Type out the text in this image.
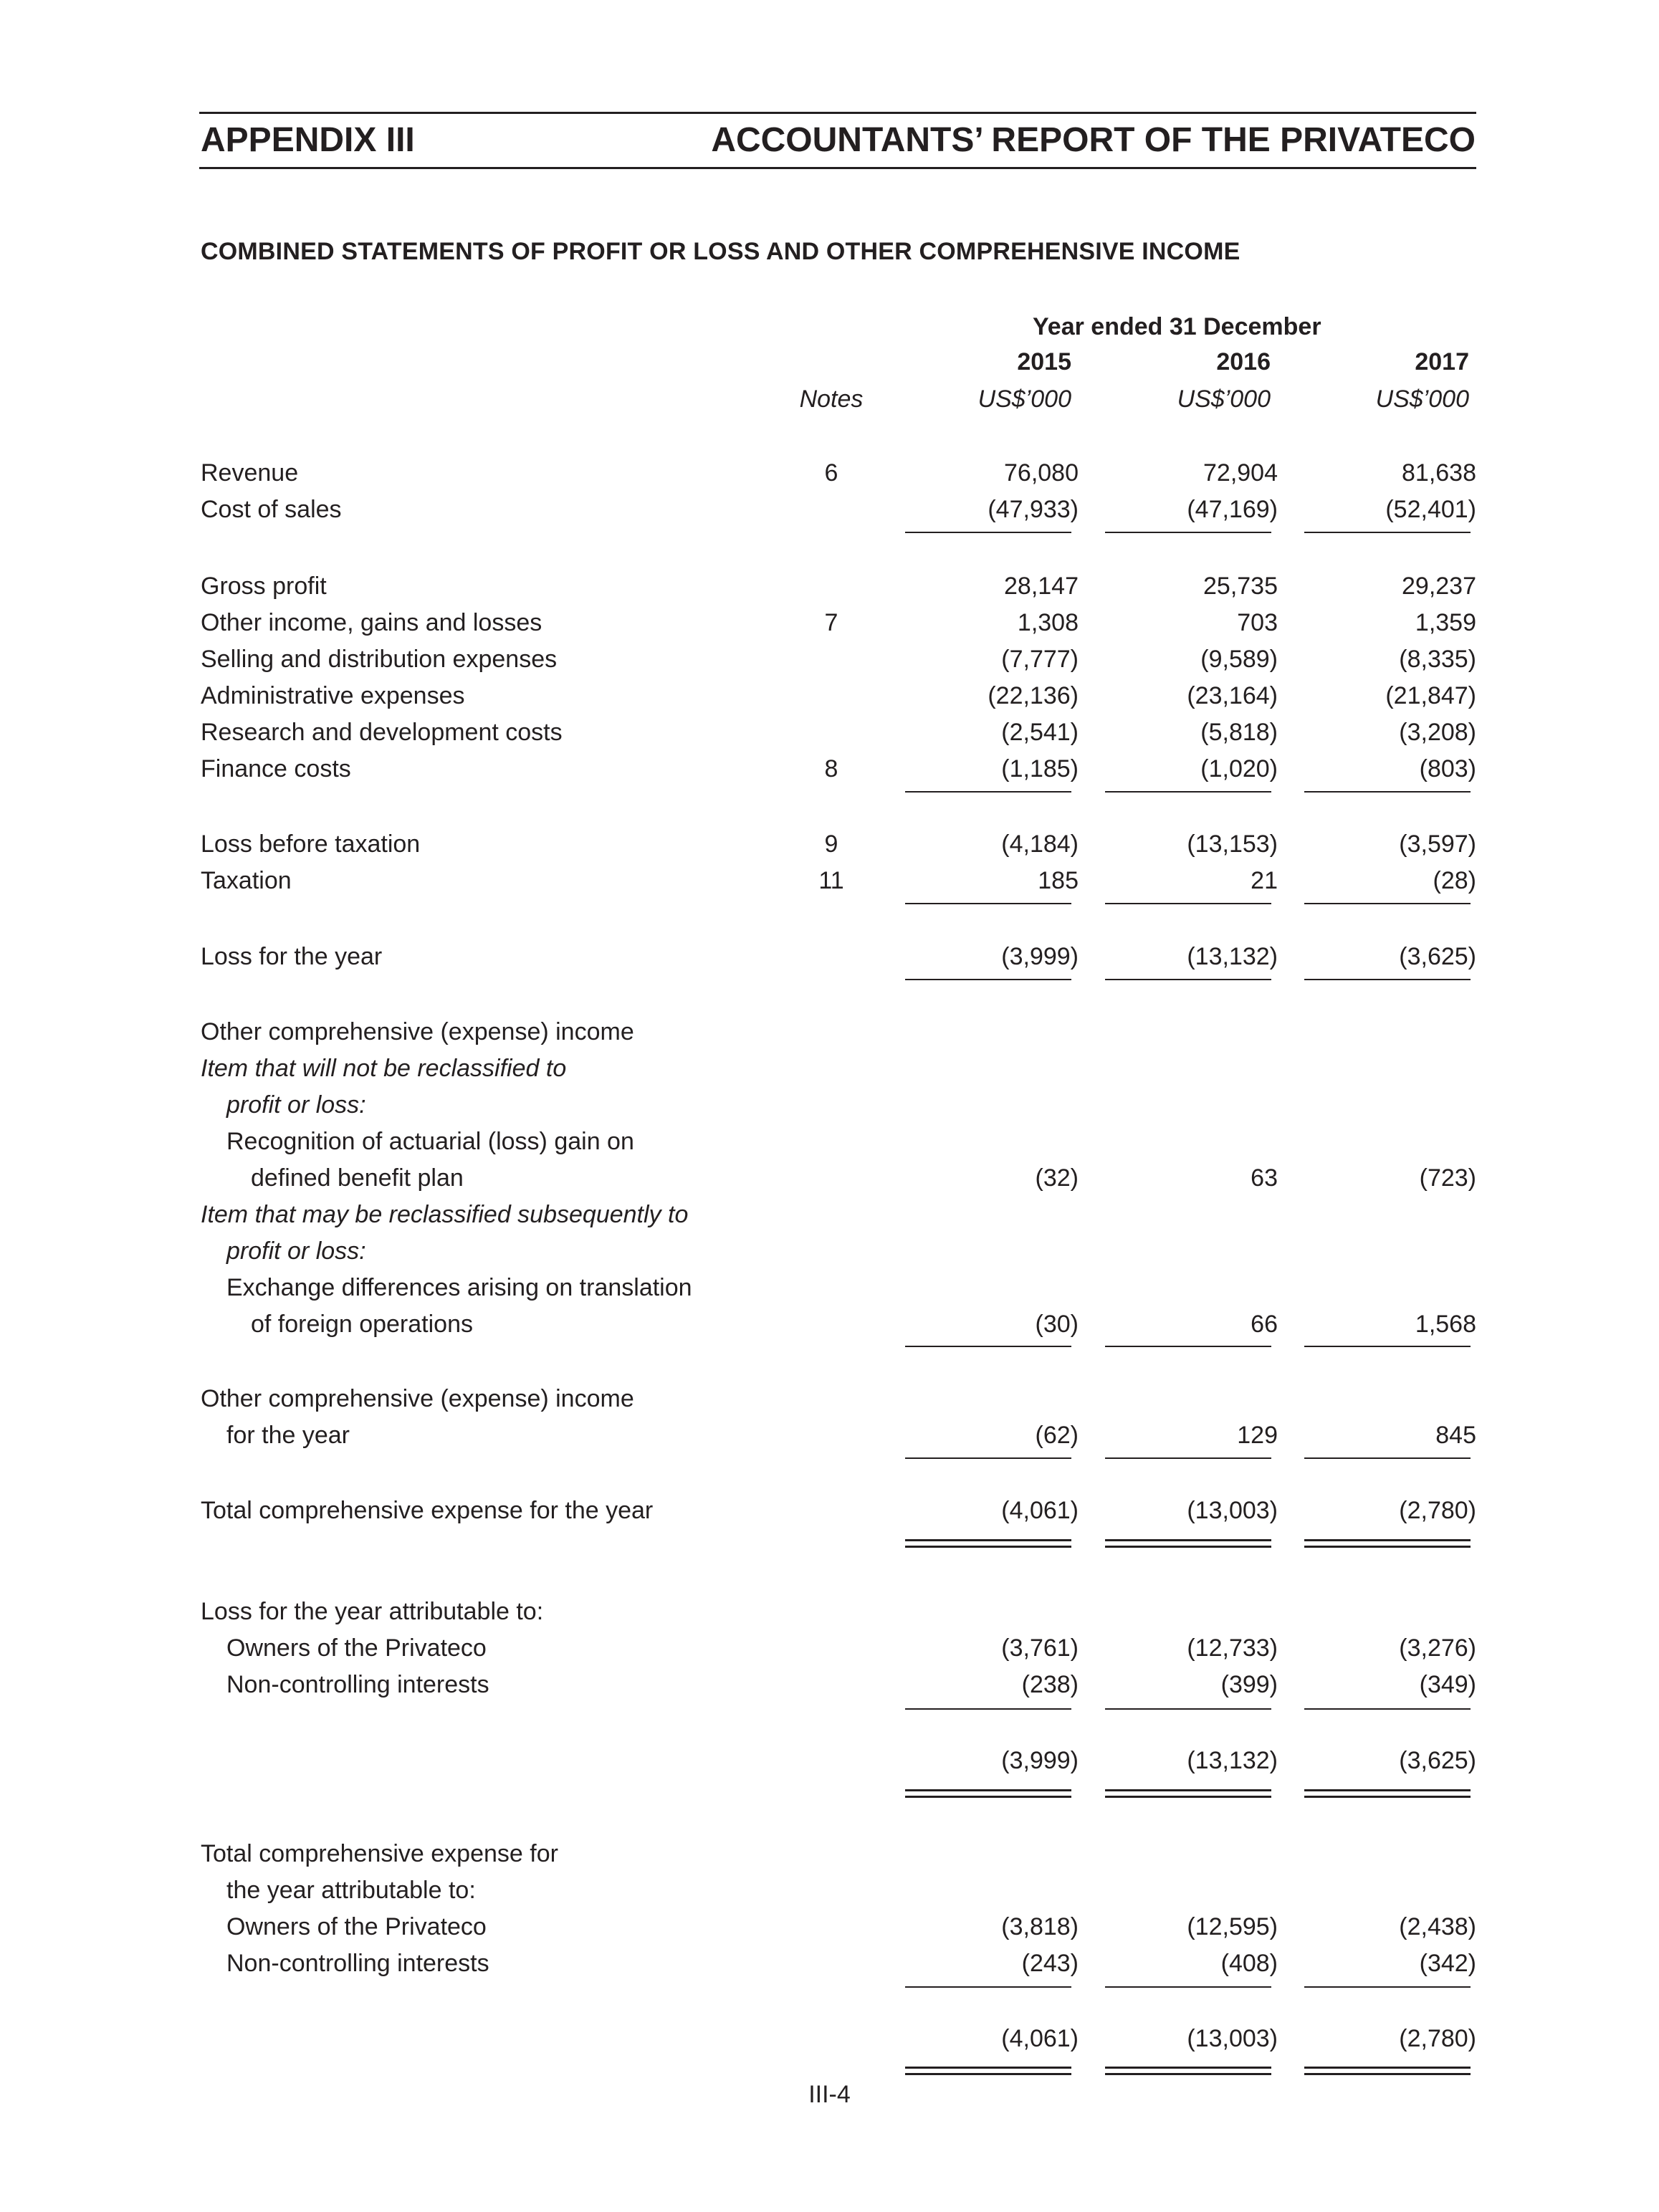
APPENDIX III	ACCOUNTANTS’ REPORT OF THE PRIVATECO
COMBINED STATEMENTS OF PROFIT OR LOSS AND OTHER COMPREHENSIVE INCOME
Year ended 31 December
2015	2016	2017
Notes	US$’000	US$’000	US$’000
Revenue	6	76,080	72,904	81,638
Cost of sales	(47,933)	(47,169)	(52,401)
Gross profit	28,147	25,735	29,237
Other income, gains and losses	7	1,308	703	1,359
Selling and distribution expenses	(7,777)	(9,589)	(8,335)
Administrative expenses	(22,136)	(23,164)	(21,847)
Research and development costs	(2,541)	(5,818)	(3,208)
Finance costs	8	(1,185)	(1,020)	(803)
Loss before taxation	9	(4,184)	(13,153)	(3,597)
Taxation	11	185	21	(28)
Loss for the year	(3,999)	(13,132)	(3,625)
Other comprehensive (expense) income
Item that will not be reclassified to
profit or loss:
Recognition of actuarial (loss) gain on
defined benefit plan	(32)	63	(723)
Item that may be reclassified subsequently to
profit or loss:
Exchange differences arising on translation
of foreign operations	(30)	66	1,568
Other comprehensive (expense) income
for the year	(62)	129	845
Total comprehensive expense for the year	(4,061)	(13,003)	(2,780)
Loss for the year attributable to:
Owners of the Privateco	(3,761)	(12,733)	(3,276)
Non-controlling interests	(238)	(399)	(349)
(3,999)	(13,132)	(3,625)
Total comprehensive expense for
the year attributable to:
Owners of the Privateco	(3,818)	(12,595)	(2,438)
Non-controlling interests	(243)	(408)	(342)
(4,061)	(13,003)	(2,780)
III-4
